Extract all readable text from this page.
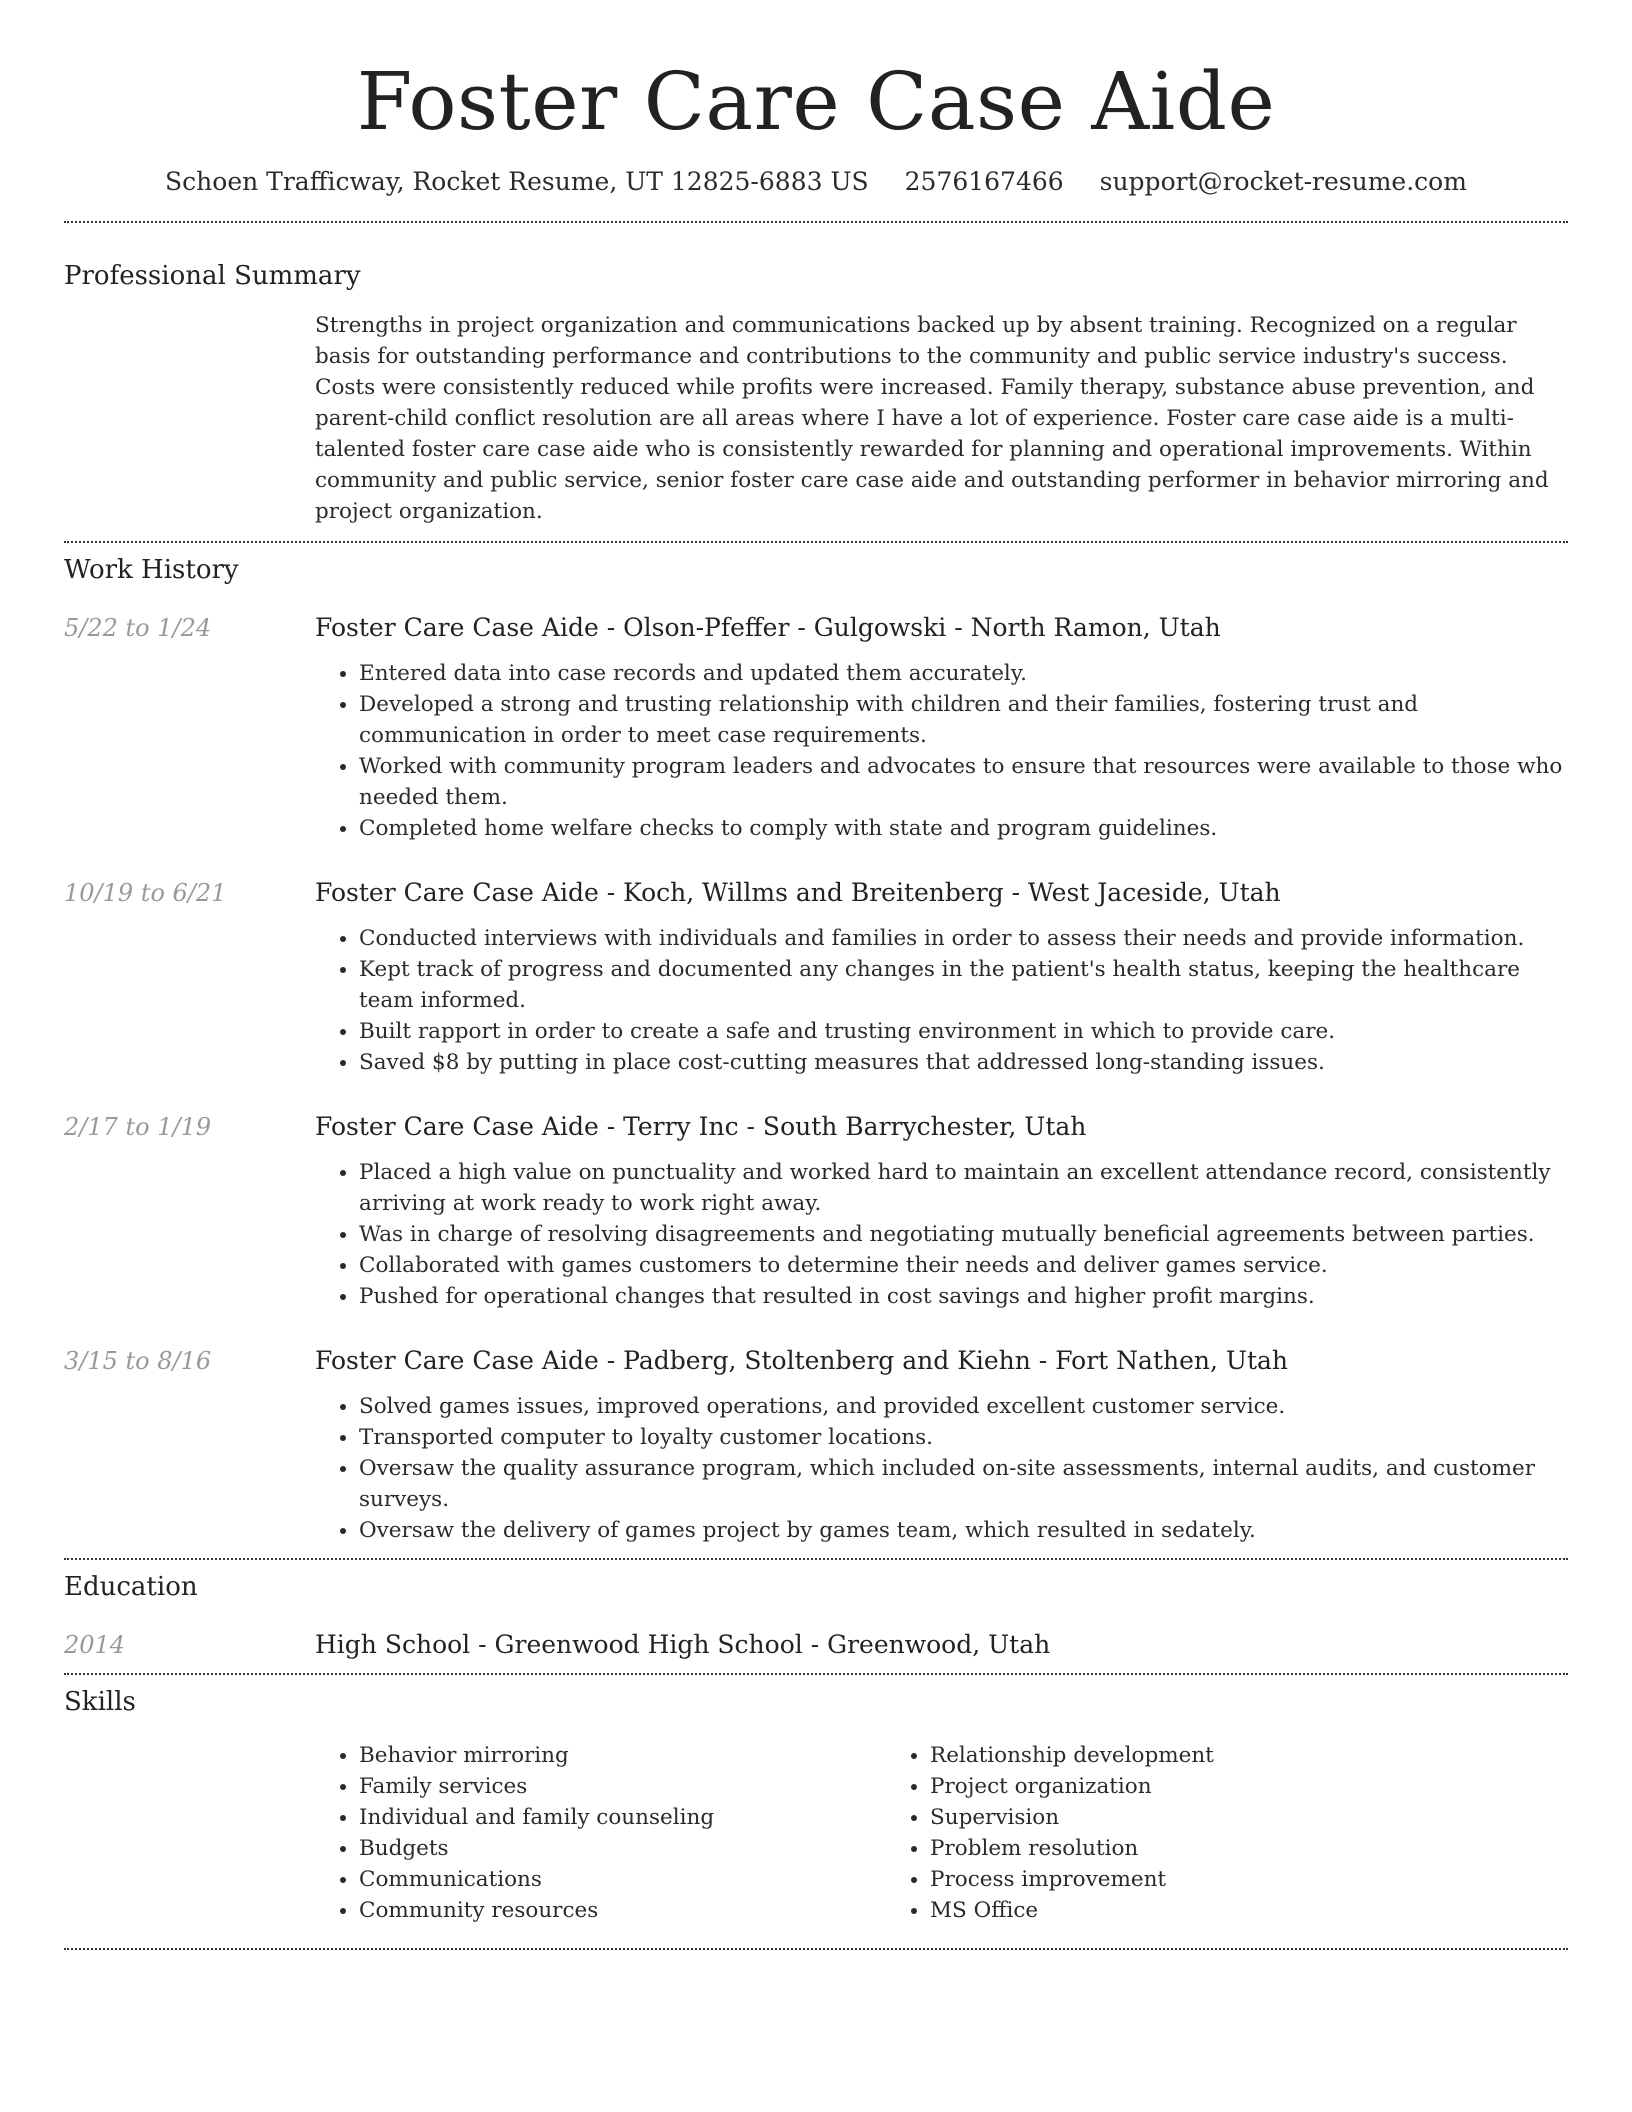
Foster Care Case Aide
Schoen Trafficway, Rocket Resume, UT 12825-6883 US 2576167466 support@rocket-resume.com
Professional Summary

Strengths in project organization and communications backed up by absent training. Recognized on a regular basis for outstanding performance and contributions to the community and public service industry's success. Costs were consistently reduced while profits were increased. Family therapy, substance abuse prevention, and parent-child conflict resolution are all areas where I have a lot of experience. Foster care case aide is a multi-talented foster care case aide who is consistently rewarded for planning and operational improvements. Within community and public service, senior foster care case aide and outstanding performer in behavior mirroring and project organization.

Work History
5/22 to 1/24	Foster Care Case Aide - Olson-Pfeffer - Gulgowski - North Ramon, Utah
• Entered data into case records and updated them accurately.
• Developed a strong and trusting relationship with children and their families, fostering trust and communication in order to meet case requirements.
• Worked with community program leaders and advocates to ensure that resources were available to those who needed them.
• Completed home welfare checks to comply with state and program guidelines.
10/19 to 6/21	Foster Care Case Aide - Koch, Willms and Breitenberg - West Jaceside, Utah
• Conducted interviews with individuals and families in order to assess their needs and provide information.
• Kept track of progress and documented any changes in the patient's health status, keeping the healthcare team informed.
• Built rapport in order to create a safe and trusting environment in which to provide care.
• Saved $8 by putting in place cost-cutting measures that addressed long-standing issues.
2/17 to 1/19	Foster Care Case Aide - Terry Inc - South Barrychester, Utah
• Placed a high value on punctuality and worked hard to maintain an excellent attendance record, consistently arriving at work ready to work right away.
• Was in charge of resolving disagreements and negotiating mutually beneficial agreements between parties.
• Collaborated with games customers to determine their needs and deliver games service.
• Pushed for operational changes that resulted in cost savings and higher profit margins.
3/15 to 8/16	Foster Care Case Aide - Padberg, Stoltenberg and Kiehn - Fort Nathen, Utah
• Solved games issues, improved operations, and provided excellent customer service.
• Transported computer to loyalty customer locations.
• Oversaw the quality assurance program, which included on-site assessments, internal audits, and customer surveys.
• Oversaw the delivery of games project by games team, which resulted in sedately.
Education
2014	High School - Greenwood High School - Greenwood, Utah
Skills
• Behavior mirroring
• Family services
• Individual and family counseling
• Budgets
• Communications
• Community resources
• Relationship development
• Project organization
• Supervision
• Problem resolution
• Process improvement
• MS Office
